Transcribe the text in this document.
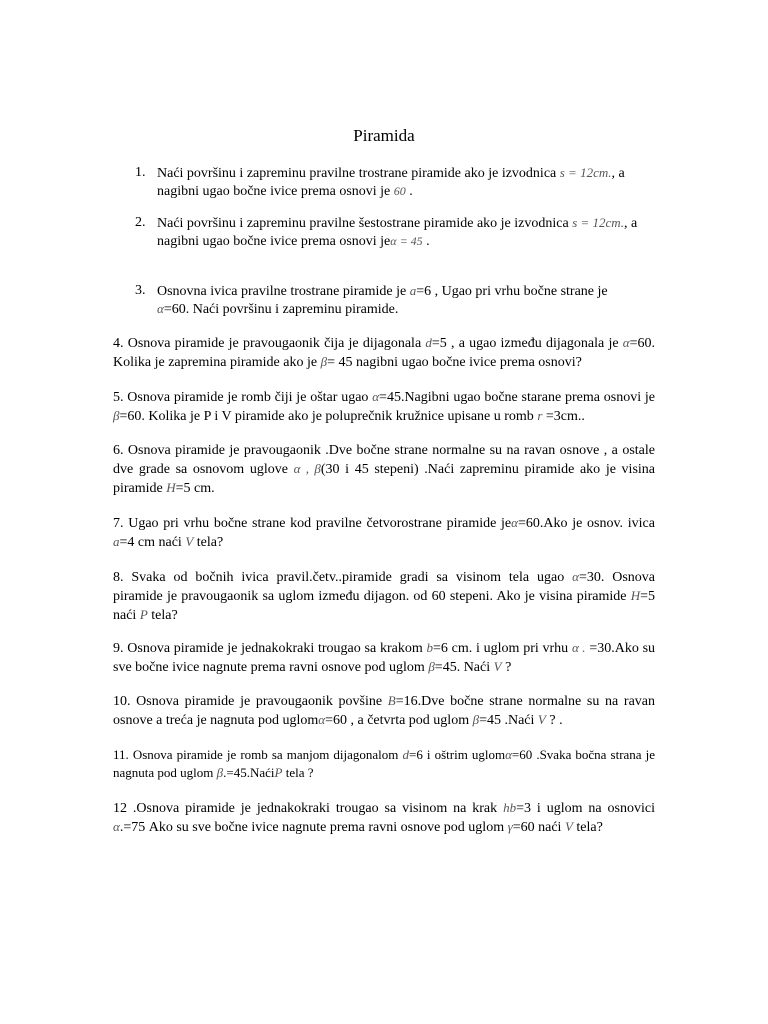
Piramida
1. Naći površinu i zapreminu pravilne trostrane piramide ako je izvodnica s = 12cm., a
nagibni ugao bočne ivice prema osnovi je 60 .
2. Naći površinu i zapreminu pravilne šestostrane piramide ako je izvodnica s = 12cm., a
nagibni ugao bočne ivice prema osnovi jeα = 45 .
3. Osnovna ivica pravilne trostrane piramide je a=6 , Ugao pri vrhu bočne strane je
α=60. Naći površinu i zapreminu piramide.
4. Osnova piramide je pravougaonik čija je dijagonala d=5 , a ugao između dijagonala je α=60. Kolika je zapremina piramide ako je β= 45 nagibni ugao bočne ivice prema osnovi?
5. Osnova piramide je romb čiji je oštar ugao α=45.Nagibni ugao bočne starane prema osnovi je β=60. Kolika je P i V piramide ako je poluprečnik kružnice upisane u romb r =3cm..
6. Osnova piramide je pravougaonik .Dve bočne strane normalne su na ravan osnove , a ostale dve grade sa osnovom uglove α , β(30 i 45 stepeni) .Naći zapreminu piramide ako je visina piramide H=5 cm.
7. Ugao pri vrhu bočne strane kod pravilne četvorostrane piramide jeα=60.Ako je osnov. ivica a=4 cm naći V tela?
8. Svaka od bočnih ivica pravil.četv..piramide gradi sa visinom tela ugao α=30. Osnova piramide je pravougaonik sa uglom između dijagon. od 60 stepeni. Ako je visina piramide H=5 naći P tela?
9. Osnova piramide je jednakokraki trougao sa krakom b=6 cm. i uglom pri vrhu α . =30.Ako su sve bočne ivice nagnute prema ravni osnove pod uglom β=45. Naći V ?
10. Osnova piramide je pravougaonik povšine B=16.Dve bočne strane normalne su na ravan osnove a treća je nagnuta pod uglomα=60 , a četvrta pod uglom β=45 .Naći V ? .
11. Osnova piramide je romb sa manjom dijagonalom d=6 i oštrim uglomα=60 .Svaka bočna strana je nagnuta pod uglom β.=45.NaćiP tela ?
12 .Osnova piramide je jednakokraki trougao sa visinom na krak hb=3 i uglom na osnovici α.=75 Ako su sve bočne ivice nagnute prema ravni osnove pod uglom γ=60 naći V tela?
